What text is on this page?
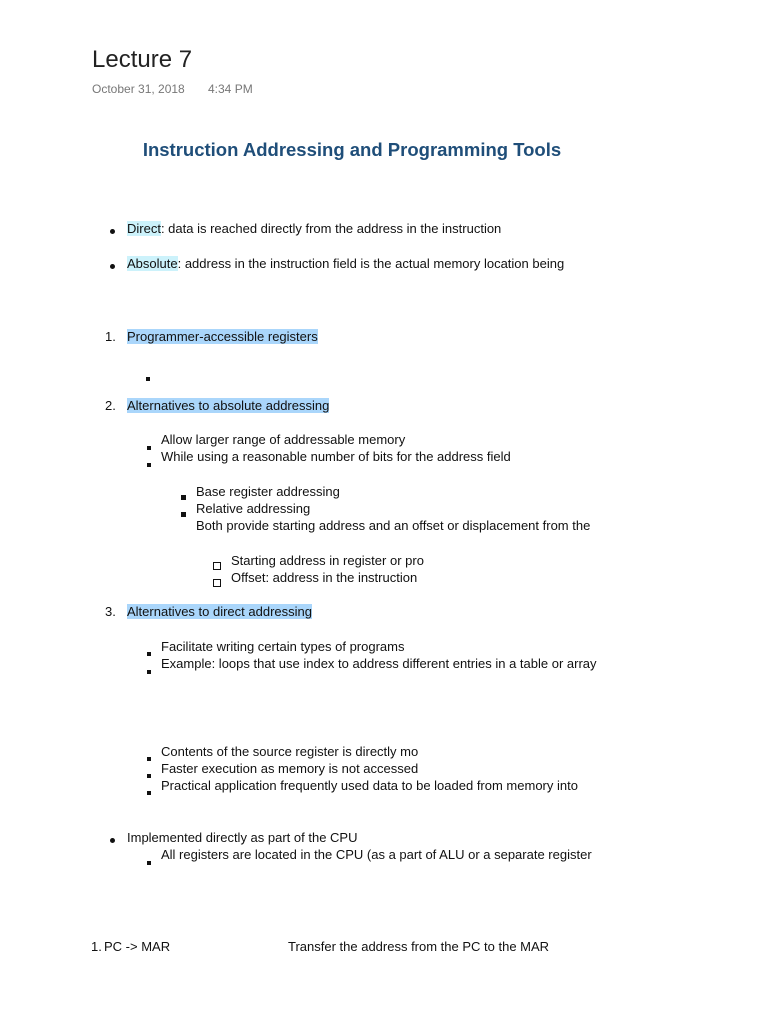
Lecture 7
October 31, 2018 4:34 PM
Instruction Addressing and Programming Tools
Direct: data is reached directly from the address in the instruction
Absolute: address in the instruction field is the actual memory location being
1. Programmer-accessible registers
2. Alternatives to absolute addressing
Allow larger range of addressable memory
While using a reasonable number of bits for the address field
Base register addressing
Relative addressing
Both provide starting address and an offset or displacement from the
Starting address in register or pro
Offset: address in the instruction
3. Alternatives to direct addressing
Facilitate writing certain types of programs
Example: loops that use index to address different entries in a table or array
Contents of the source register is directly mo
Faster execution as memory is not accessed
Practical application frequently used data to be loaded from memory into
Implemented directly as part of the CPU
All registers are located in the CPU (as a part of ALU or a separate register
1. PC -> MAR	Transfer the address from the PC to the MAR
